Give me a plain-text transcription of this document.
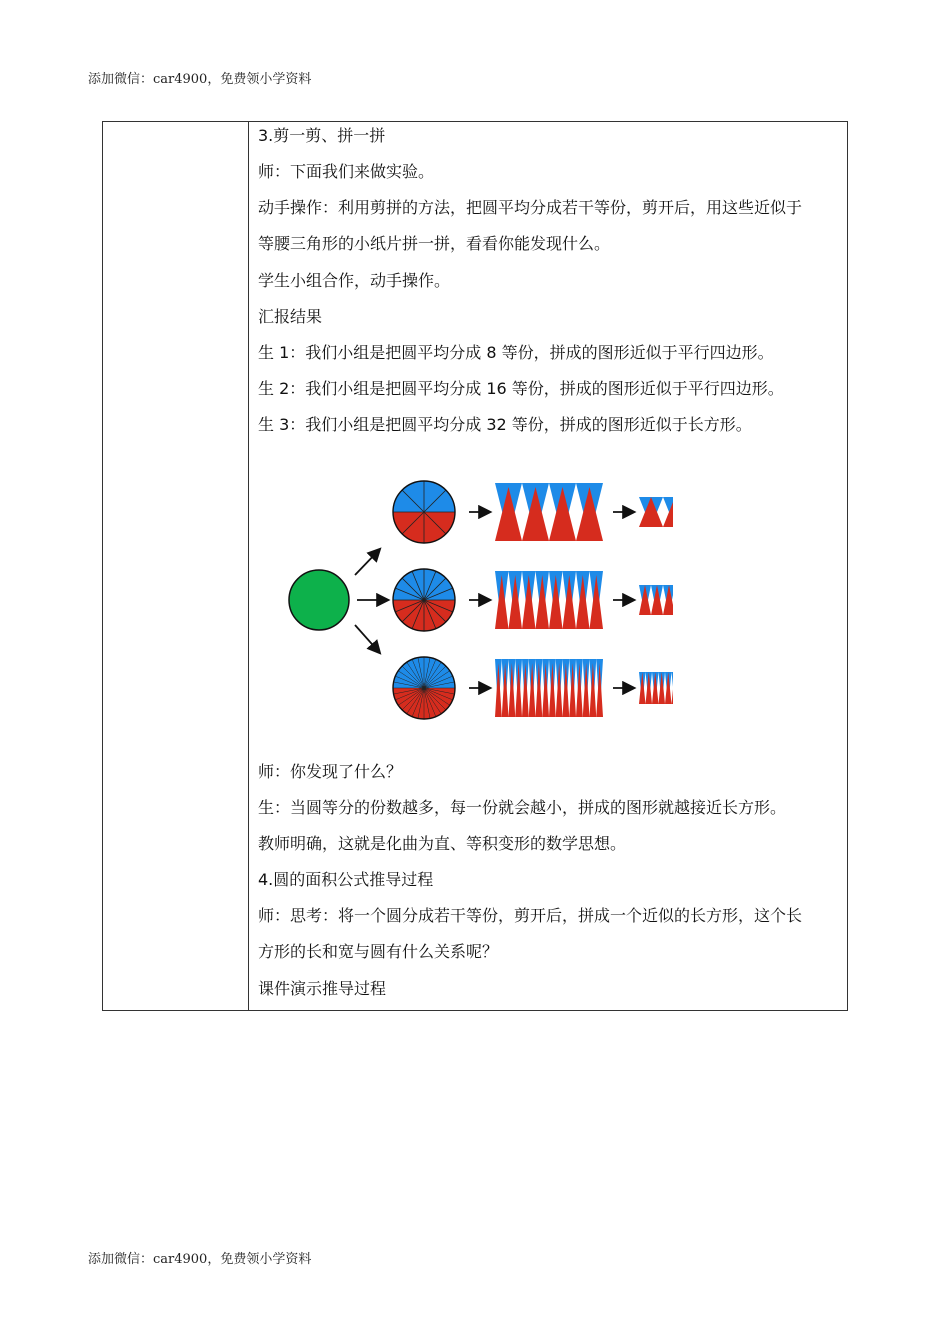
添加微信：car4900，免费领小学资料
3.剪一剪、拼一拼
师：下面我们来做实验。
动手操作：利用剪拼的方法，把圆平均分成若干等份，剪开后，用这些近似于
等腰三角形的小纸片拼一拼，看看你能发现什么。
学生小组合作，动手操作。
汇报结果
生 1：我们小组是把圆平均分成 8 等份，拼成的图形近似于平行四边形。
生 2：我们小组是把圆平均分成 16 等份，拼成的图形近似于平行四边形。
生 3：我们小组是把圆平均分成 32 等份，拼成的图形近似于长方形。
师：你发现了什么？
生：当圆等分的份数越多，每一份就会越小，拼成的图形就越接近长方形。
教师明确，这就是化曲为直、等积变形的数学思想。
4.圆的面积公式推导过程
师：思考：将一个圆分成若干等份，剪开后，拼成一个近似的长方形，这个长
方形的长和宽与圆有什么关系呢？
课件演示推导过程
添加微信：car4900，免费领小学资料
